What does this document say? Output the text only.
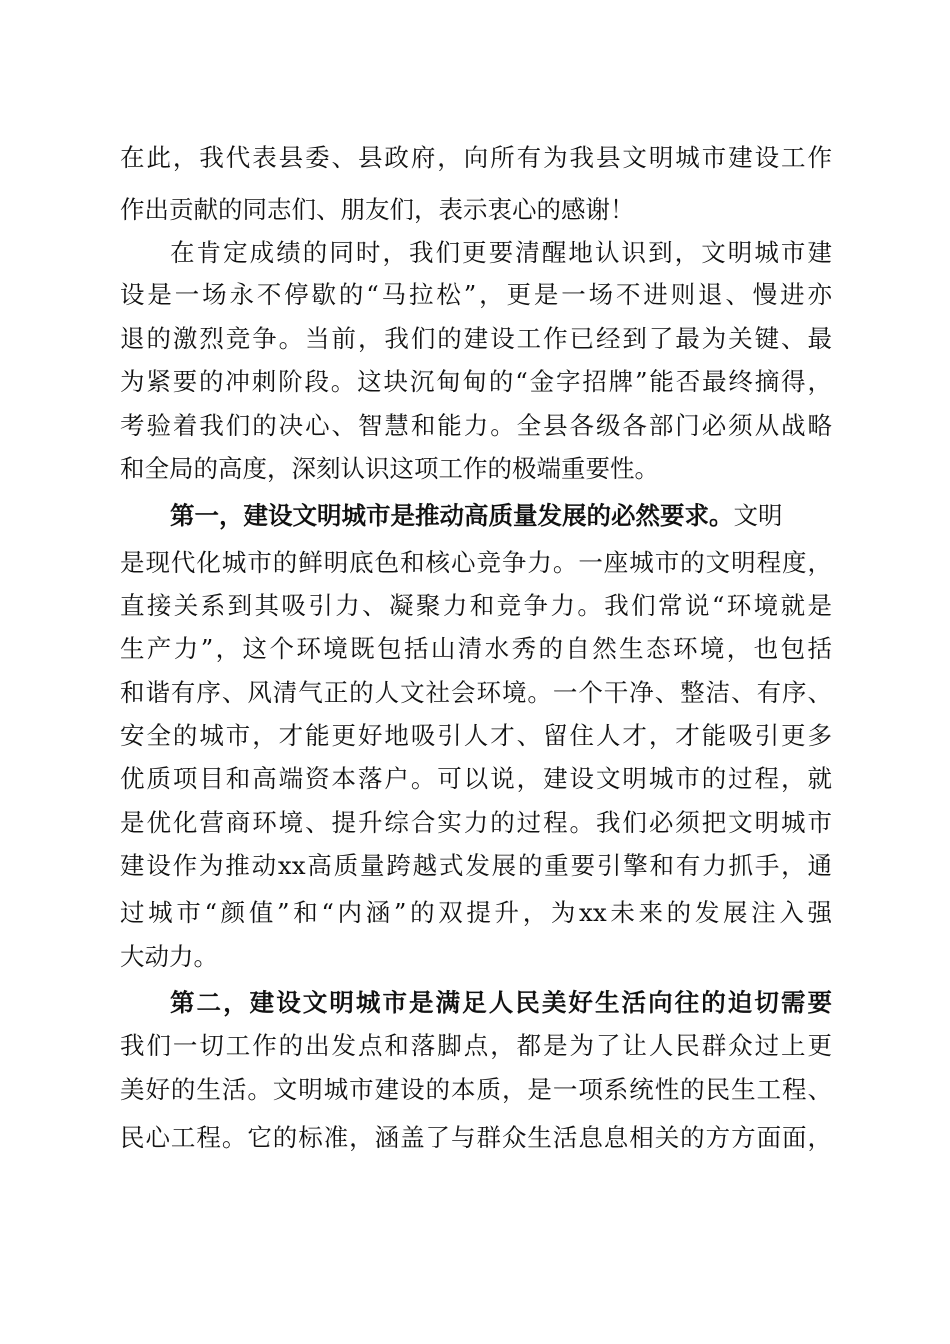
在此，我代表县委、县政府，向所有为我县文明城市建设工作
作出贡献的同志们、朋友们，表示衷心的感谢！
在肯定成绩的同时，我们更要清醒地认识到，文明城市建
设是一场永不停歇的“马拉松”，更是一场不进则退、慢进亦
退的激烈竞争。当前，我们的建设工作已经到了最为关键、最
为紧要的冲刺阶段。这块沉甸甸的“金字招牌”能否最终摘得，
考验着我们的决心、智慧和能力。全县各级各部门必须从战略
和全局的高度，深刻认识这项工作的极端重要性。
第一，建设文明城市是推动高质量发展的必然要求。文明
是现代化城市的鲜明底色和核心竞争力。一座城市的文明程度，
直接关系到其吸引力、凝聚力和竞争力。我们常说“环境就是
生产力”，这个环境既包括山清水秀的自然生态环境，也包括
和谐有序、风清气正的人文社会环境。一个干净、整洁、有序、
安全的城市，才能更好地吸引人才、留住人才，才能吸引更多
优质项目和高端资本落户。可以说，建设文明城市的过程，就
是优化营商环境、提升综合实力的过程。我们必须把文明城市
建设作为推动xx高质量跨越式发展的重要引擎和有力抓手，通
过城市“颜值”和“内涵”的双提升，为xx未来的发展注入强
大动力。
第二，建设文明城市是满足人民美好生活向往的迫切需要
我们一切工作的出发点和落脚点，都是为了让人民群众过上更
美好的生活。文明城市建设的本质，是一项系统性的民生工程、
民心工程。它的标准，涵盖了与群众生活息息相关的方方面面，
